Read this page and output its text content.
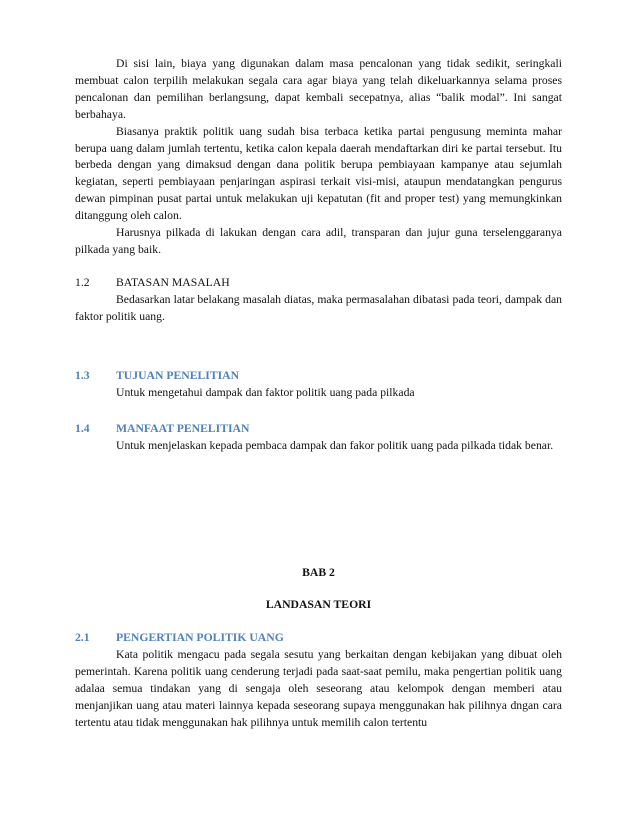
Di sisi lain, biaya yang digunakan dalam masa pencalonan yang tidak sedikit, seringkali membuat calon terpilih melakukan segala cara agar biaya yang telah dikeluarkannya selama proses pencalonan dan pemilihan berlangsung, dapat kembali secepatnya, alias “balik modal”. Ini sangat berbahaya.

Biasanya praktik politik uang sudah bisa terbaca ketika partai pengusung meminta mahar berupa uang dalam jumlah tertentu, ketika calon kepala daerah mendaftarkan diri ke partai tersebut. Itu berbeda dengan yang dimaksud dengan dana politik berupa pembiayaan kampanye atau sejumlah kegiatan, seperti pembiayaan penjaringan aspirasi terkait visi-misi, ataupun mendatangkan pengurus dewan pimpinan pusat partai untuk melakukan uji kepatutan (fit and proper test) yang memungkinkan ditanggung oleh calon.

Harusnya pilkada di lakukan dengan cara adil, transparan dan jujur guna terselenggaranya pilkada yang baik.

1.2	BATASAN MASALAH

Bedasarkan latar belakang masalah diatas, maka permasalahan dibatasi pada teori, dampak dan faktor politik uang.

1.3	TUJUAN PENELITIAN

Untuk mengetahui dampak dan faktor politik uang pada pilkada

1.4	MANFAAT PENELITIAN

Untuk menjelaskan kepada pembaca dampak dan fakor politik uang pada pilkada tidak benar.

BAB 2

LANDASAN TEORI

2.1	PENGERTIAN POLITIK UANG

Kata politik mengacu pada segala sesutu yang berkaitan dengan kebijakan yang dibuat oleh pemerintah. Karena politik uang cenderung terjadi pada saat-saat pemilu, maka pengertian politik uang adalaa semua tindakan yang di sengaja oleh seseorang atau kelompok dengan memberi atau menjanjikan uang atau materi lainnya kepada seseorang supaya menggunakan hak pilihnya dngan cara tertentu atau tidak menggunakan hak pilihnya untuk memilih calon tertentu
